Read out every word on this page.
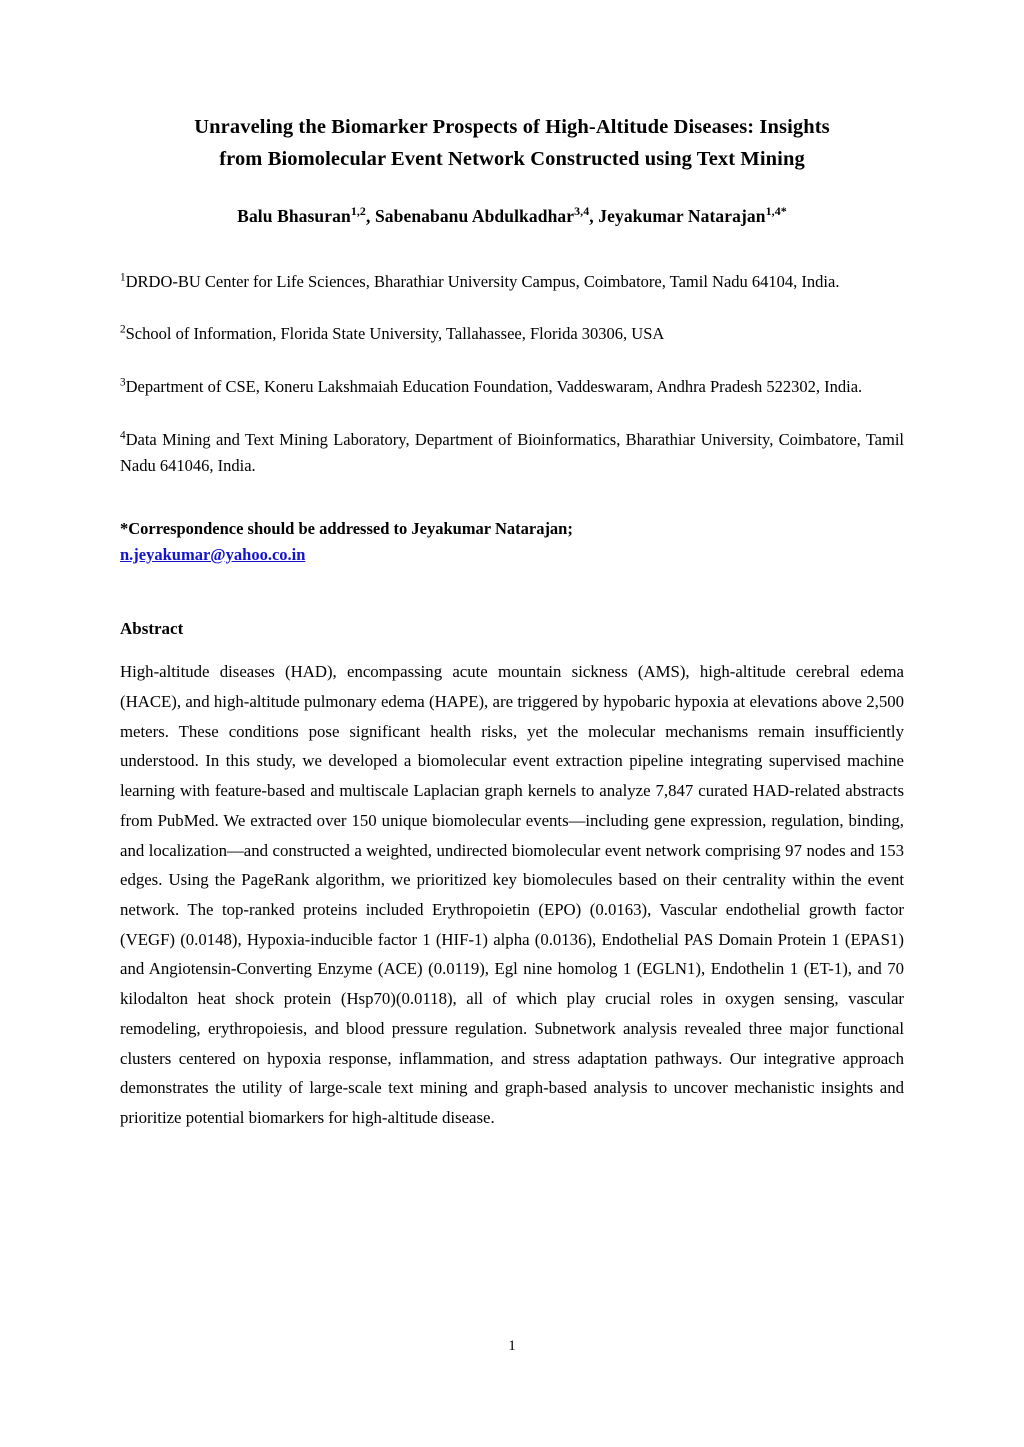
Unraveling the Biomarker Prospects of High-Altitude Diseases: Insights
from Biomolecular Event Network Constructed using Text Mining
Balu Bhasuran$^{1,2}$, Sabenabanu Abdulkadhar$^{3,4}$, Jeyakumar Natarajan$^{1,4*}$

$^1$DRDO-BU Center for Life Sciences, Bharathiar University Campus, Coimbatore, Tamil Nadu 64104, India.

$^2$School of Information, Florida State University, Tallahassee, Florida 30306, USA

$^3$Department of CSE, Koneru Lakshmaiah Education Foundation, Vaddeswaram, Andhra Pradesh 522302, India.

$^4$Data Mining and Text Mining Laboratory, Department of Bioinformatics, Bharathiar University, Coimbatore, Tamil Nadu 641046, India.

*Correspondence should be addressed to Jeyakumar Natarajan;
n.jeyakumar@yahoo.co.in

Abstract

High-altitude diseases (HAD), encompassing acute mountain sickness (AMS), high-altitude cerebral edema (HACE), and high-altitude pulmonary edema (HAPE), are triggered by hypobaric hypoxia at elevations above 2,500 meters. These conditions pose significant health risks, yet the molecular mechanisms remain insufficiently understood. In this study, we developed a biomolecular event extraction pipeline integrating supervised machine learning with feature-based and multiscale Laplacian graph kernels to analyze 7,847 curated HAD-related abstracts from PubMed. We extracted over 150 unique biomolecular events—including gene expression, regulation, binding, and localization—and constructed a weighted, undirected biomolecular event network comprising 97 nodes and 153 edges. Using the PageRank algorithm, we prioritized key biomolecules based on their centrality within the event network. The top-ranked proteins included Erythropoietin (EPO) (0.0163), Vascular endothelial growth factor (VEGF) (0.0148), Hypoxia-inducible factor 1 (HIF-1) alpha (0.0136), Endothelial PAS Domain Protein 1 (EPAS1) and Angiotensin-Converting Enzyme (ACE) (0.0119), Egl nine homolog 1 (EGLN1), Endothelin 1 (ET-1), and 70 kilodalton heat shock protein (Hsp70)(0.0118), all of which play crucial roles in oxygen sensing, vascular remodeling, erythropoiesis, and blood pressure regulation. Subnetwork analysis revealed three major functional clusters centered on hypoxia response, inflammation, and stress adaptation pathways. Our integrative approach demonstrates the utility of large-scale text mining and graph-based analysis to uncover mechanistic insights and prioritize potential biomarkers for high-altitude disease.

1
